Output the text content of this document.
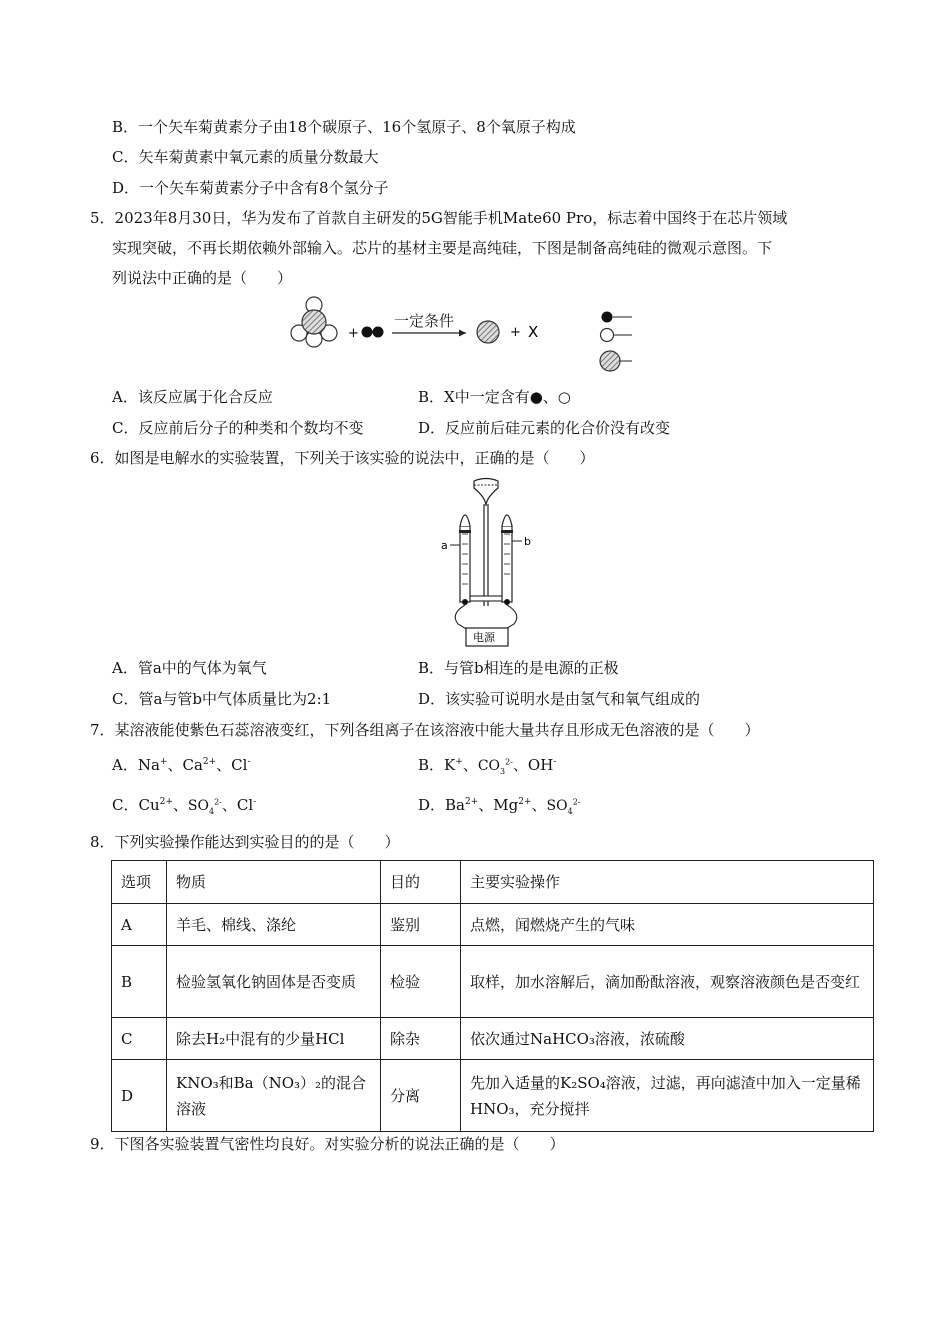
B．一个矢车菊黄素分子由18个碳原子、16个氢原子、8个氧原子构成
C．矢车菊黄素中氧元素的质量分数最大
D．一个矢车菊黄素分子中含有8个氢分子
5．2023年8月30日，华为发布了首款自主研发的5G智能手机Mate60 Pro，标志着中国终于在芯片领域
实现突破，不再长期依赖外部输入。芯片的基材主要是高纯硅，下图是制备高纯硅的微观示意图。下
列说法中正确的是（　　）
+
一定条件
+ X
A．该反应属于化合反应	B．X中一定含有●、○
C．反应前后分子的种类和个数均不变	D．反应前后硅元素的化合价没有改变
6．如图是电解水的实验装置，下列关于该实验的说法中，正确的是（　　）
a	b
电源
A．管a中的气体为氧气	B．与管b相连的是电源的正极
C．管a与管b中气体质量比为2:1	D．该实验可说明水是由氢气和氧气组成的
7．某溶液能使紫色石蕊溶液变红，下列各组离子在该溶液中能大量共存且形成无色溶液的是（　　）
A．Na+、$Ca^{2+}$、Cl-	B．K+、$CO_3^{2-}$、OH-
C．$Cu^{2+}$、$SO_4^{2-}$、Cl-	D．$Ba^{2+}$、$Mg^{2+}$、$SO_4^{2-}$
8．下列实验操作能达到实验目的的是（　　）
选项	物质	目的	主要实验操作
A	羊毛、棉线、涤纶	鉴别	点燃，闻燃烧产生的气味
B	检验氢氧化钠固体是否变质	检验	取样，加水溶解后，滴加酚酞溶液，观察溶液颜色是否变红
C	除去H₂中混有的少量HCl	除杂	依次通过NaHCO₃溶液，浓硫酸
D	KNO₃和Ba（NO₃）₂的混合溶液	分离	先加入适量的K₂SO₄溶液，过滤，再向滤渣中加入一定量稀HNO₃，充分搅拌
9．下图各实验装置气密性均良好。对实验分析的说法正确的是（　　）
